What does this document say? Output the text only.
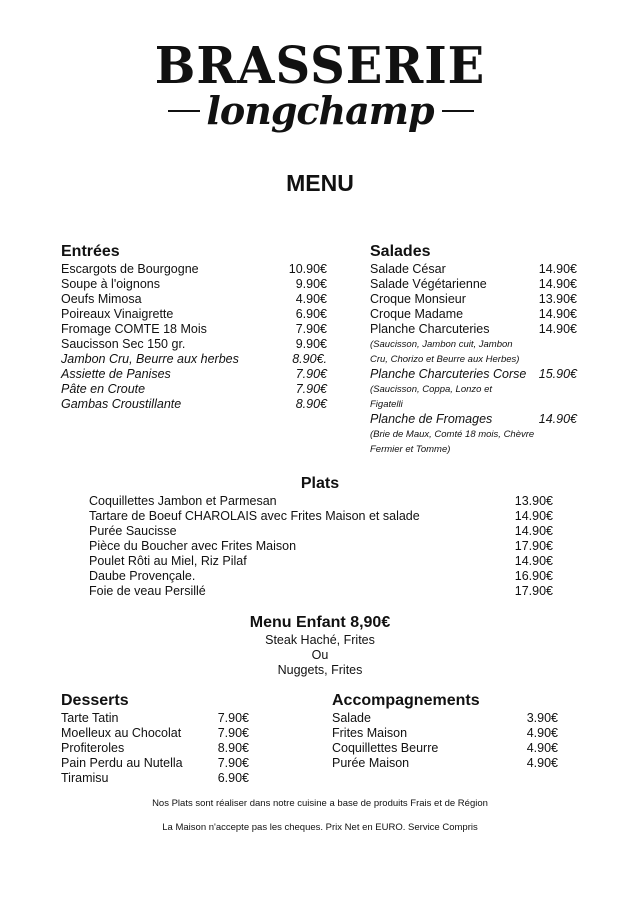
BRASSERIE
longchamp
MENU
Entrées
Escargots de Bourgogne	10.90€
Soupe à l'oignons	9.90€
Oeufs Mimosa	4.90€
Poireaux Vinaigrette	6.90€
Fromage COMTE 18 Mois	7.90€
Saucisson Sec 150 gr.	9.90€
Jambon Cru, Beurre aux herbes	8.90€.
Assiette de Panises	7.90€
Pâte en Croute	7.90€
Gambas Croustillante	8.90€
Salades
Salade César	14.90€
Salade Végétarienne	14.90€
Croque Monsieur	13.90€
Croque Madame	14.90€
Planche Charcuteries	14.90€
(Saucisson, Jambon cuit, Jambon
Cru, Chorizo et Beurre aux Herbes)
Planche Charcuteries Corse 15.90€
(Saucisson, Coppa, Lonzo et
Figatelli
Planche de Fromages	14.90€
(Brie de Maux, Comté 18 mois, Chèvre
Fermier et Tomme)
Plats
Coquillettes Jambon et Parmesan	13.90€
Tartare de Boeuf CHAROLAIS avec Frites Maison et salade	14.90€
Purée Saucisse	14.90€
Pièce du Boucher avec Frites Maison	17.90€
Poulet Rôti au Miel, Riz Pilaf	14.90€
Daube Provençale.	16.90€
Foie de veau Persillé	17.90€
Menu Enfant 8,90€
Steak Haché, Frites
Ou
Nuggets, Frites
Desserts
Tarte Tatin	7.90€
Moelleux au Chocolat	7.90€
Profiteroles	8.90€
Pain Perdu au Nutella	7.90€
Tiramisu	6.90€
Accompagnements
Salade	3.90€
Frites Maison	4.90€
Coquillettes Beurre	4.90€
Purée Maison	4.90€
Nos Plats sont réaliser dans notre cuisine a base de produits Frais et de Région
La Maison n'accepte pas les cheques. Prix Net en EURO. Service Compris
